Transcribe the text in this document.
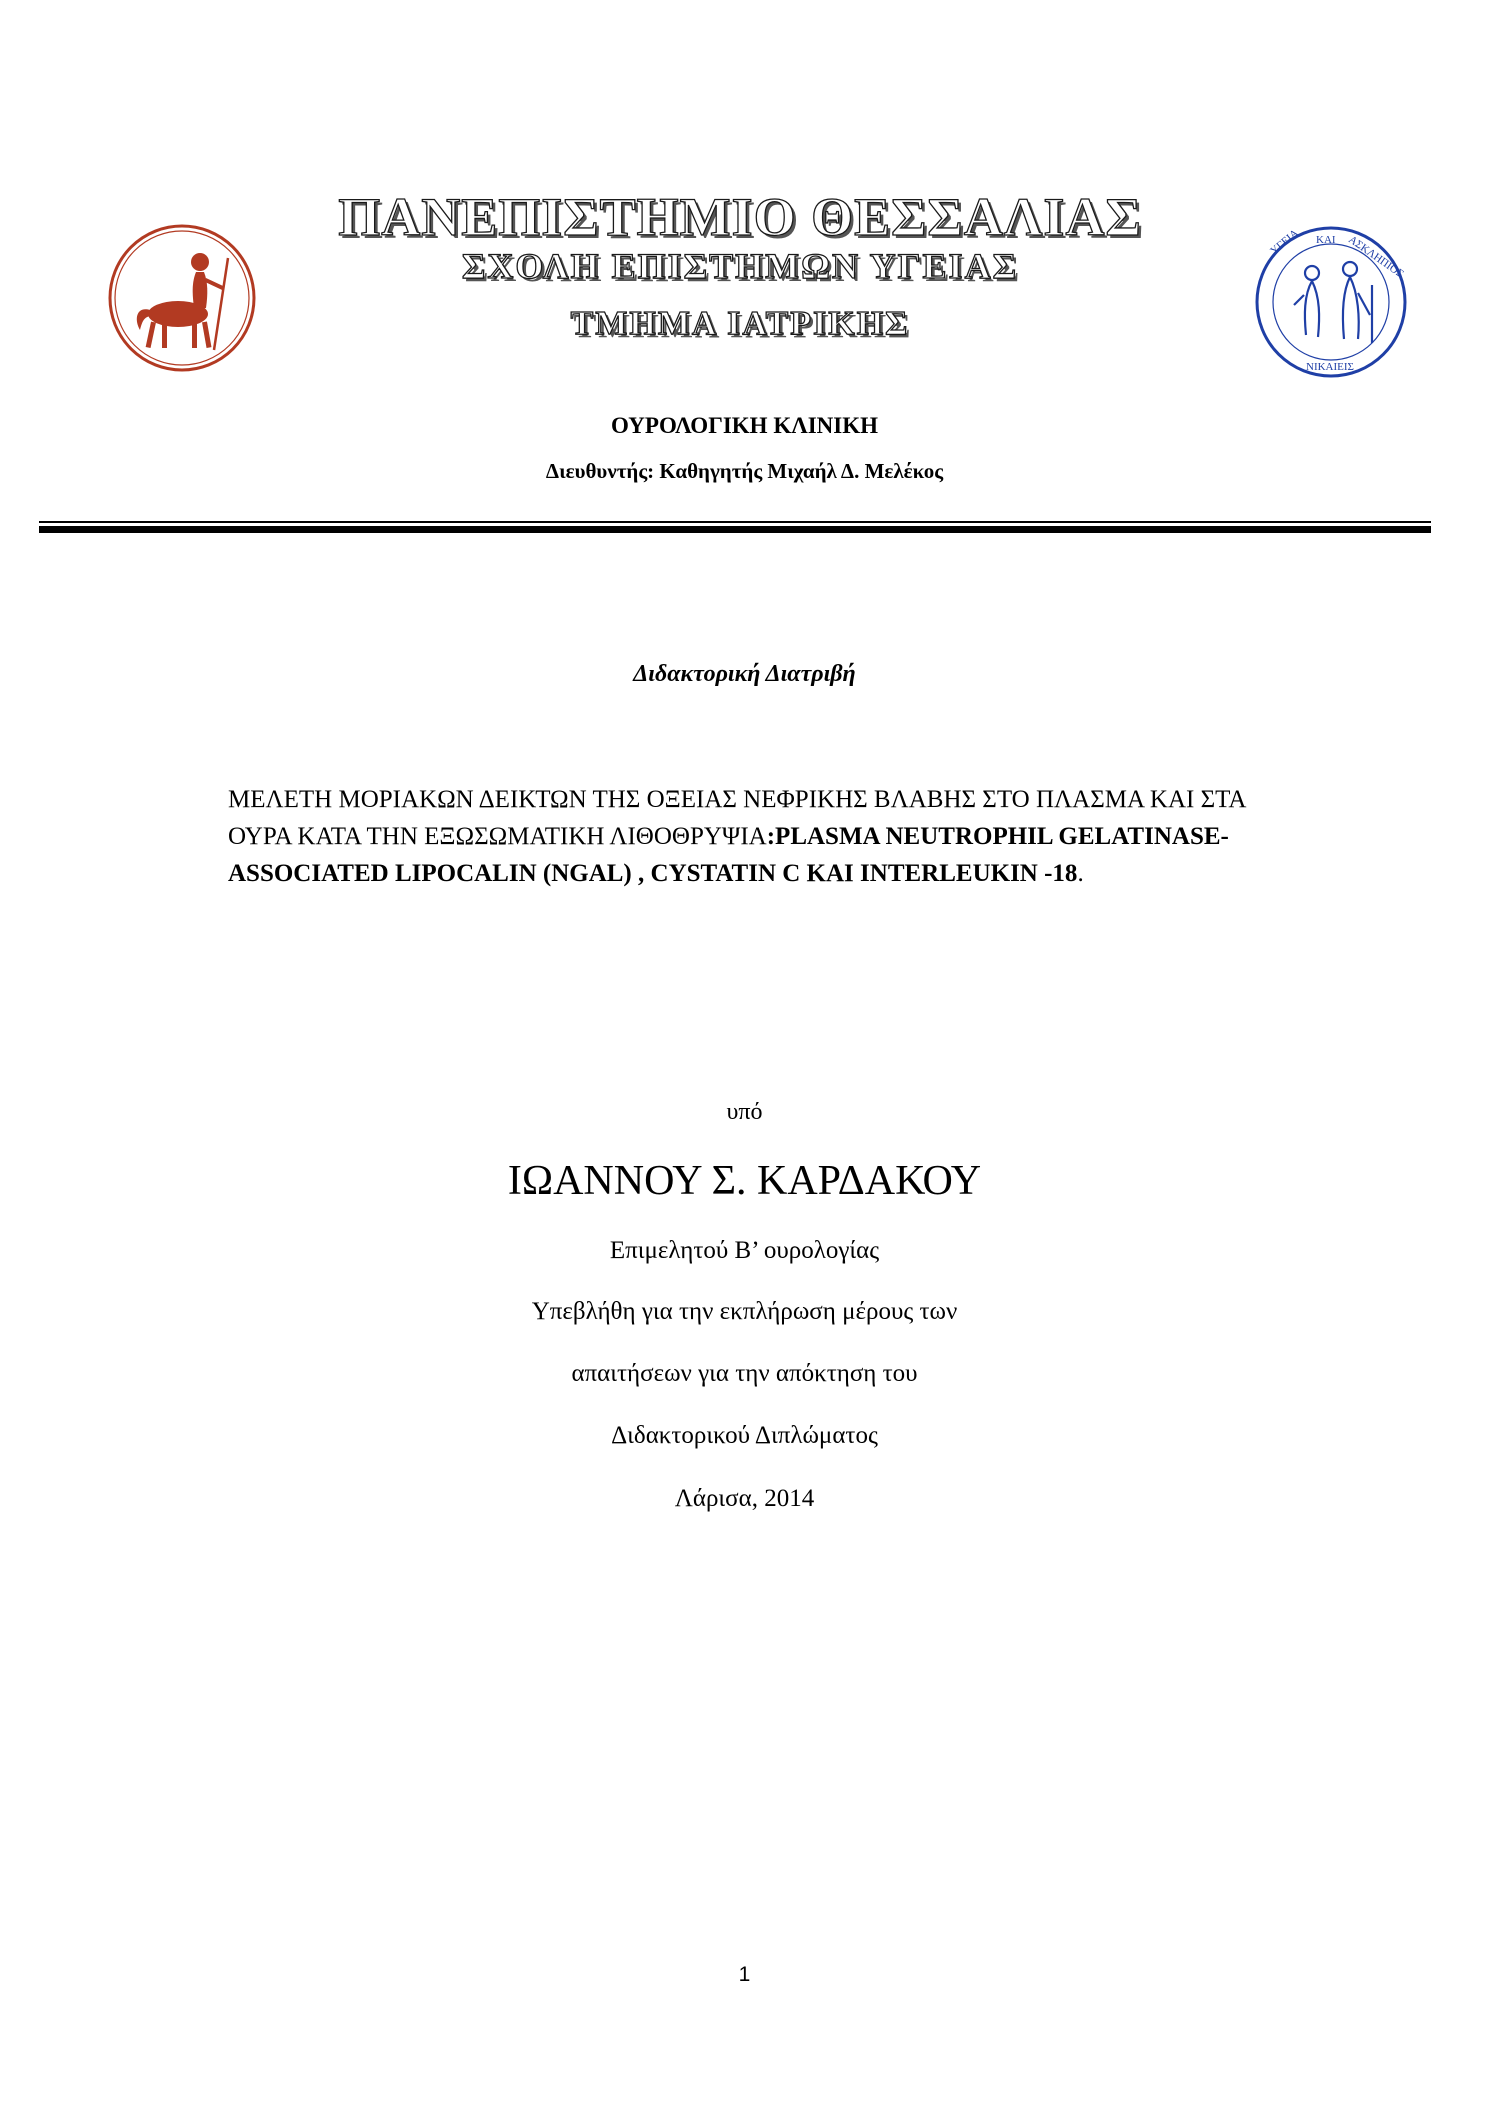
ΥΓΕΙΑ ΚΑΙ ΑΣΚΛΗΠΙΟΣ
ΝΙΚΑΙΕΙΣ
ΠΑΝΕΠΙΣΤΗΜΙΟ ΘΕΣΣΑΛΙΑΣ
ΣΧΟΛΗ ΕΠΙΣΤΗΜΩΝ ΥΓΕΙΑΣ
ΤΜΗΜΑ ΙΑΤΡΙΚΗΣ
ΟΥΡΟΛΟΓΙΚΗ ΚΛΙΝΙΚΗ
Διευθυντής: Καθηγητής Μιχαήλ Δ. Μελέκος
Διδακτορική Διατριβή
ΜΕΛΕΤΗ ΜΟΡΙΑΚΩΝ ΔΕΙΚΤΩΝ ΤΗΣ ΟΞΕΙΑΣ ΝΕΦΡΙΚΗΣ ΒΛΑΒΗΣ ΣΤΟ ΠΛΑΣΜΑ ΚΑΙ ΣΤΑ ΟΥΡΑ ΚΑΤΑ ΤΗΝ ΕΞΩΣΩΜΑΤΙΚΗ ΛΙΘΟΘΡΥΨΙΑ:PLASMA NEUTROPHIL GELATINASE-ASSOCIATED LIPOCALIN (NGAL) , CYSTATIN C ΚΑΙ INTERLEUKIN -18.
υπό
ΙΩΑΝΝΟΥ Σ. ΚΑΡΔΑΚΟΥ
Επιμελητού Β’ ουρολογίας
Υπεβλήθη για την εκπλήρωση μέρους των
απαιτήσεων για την απόκτηση του
Διδακτορικού Διπλώματος
Λάρισα, 2014
1
